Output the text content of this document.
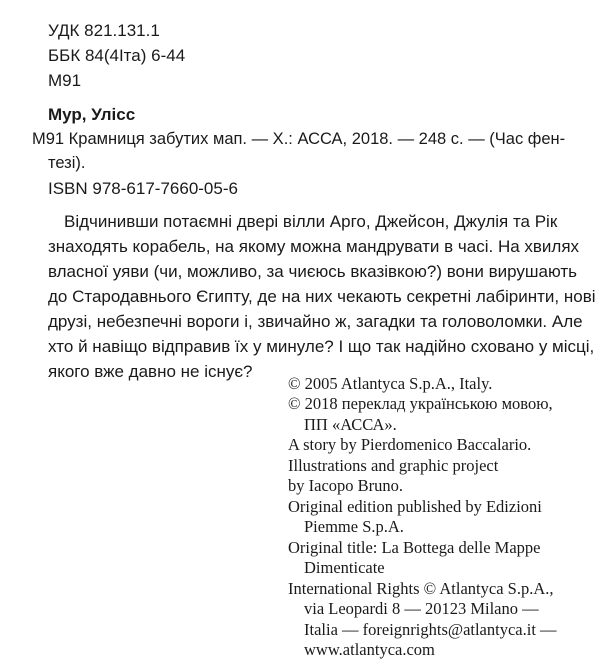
УДК 821.131.1
ББК 84(4Іта) 6-44
М91
Мур, Уліcс
М91 Крамниця забутих мап. — Х.: АССА, 2018. — 248 с. — (Час фен-
тезі).
ISBN 978-617-7660-05-6
Відчинивши потаємні двері вілли Арго, Джейсон, Джулія та Рік
знаходять корабель, на якому можна мандрувати в часі. На хвилях
власної уяви (чи, можливо, за чиєюсь вказівкою?) вони вирушають
до Стародавнього Єгипту, де на них чекають секретні лабіринти, нові
друзі, небезпечні вороги і, звичайно ж, загадки та головоломки. Але
хто й навіщо відправив їх у минуле? І що так надійно сховано у місці,
якого вже давно не існує?
© 2005 Atlantyca S.p.A., Italy.
© 2018 переклад українською мовою,
ПП «АССА».
A story by Pierdomenico Baccalario.
Illustrations and graphic project
by Iacopo Bruno.
Original edition published by Edizioni
Piemme S.p.A.
Original title: La Bottega delle Mappe
Dimenticate
International Rights © Atlantyca S.p.A.,
via Leopardi 8 — 20123 Milano —
Italia — foreignrights@atlantyca.it —
www.atlantyca.com
